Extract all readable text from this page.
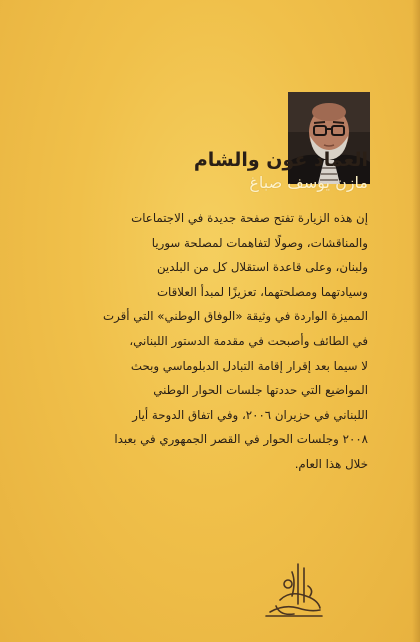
العماد عون والشام
مازن يوسف صباغ
إن هذه الزيارة تفتح صفحة جديدة في الاجتماعات
والمناقشات، وصولًا لتفاهمات لمصلحة سوريا
ولبنان، وعلى قاعدة استقلال كل من البلدين
وسيادتهما ومصلحتهما، تعزيزًا لمبدأ العلاقات
المميزة الواردة في وثيقة «الوفاق الوطني» التي أقرت
في الطائف وأصبحت في مقدمة الدستور اللبناني،
لا سيما بعد إقرار إقامة التبادل الدبلوماسي وبحث
المواضيع التي حددتها جلسات الحوار الوطني
اللبناني في حزيران ٢٠٠٦، وفي اتفاق الدوحة أيار
٢٠٠٨ وجلسات الحوار في القصر الجمهوري في بعبدا
خلال هذا العام.
